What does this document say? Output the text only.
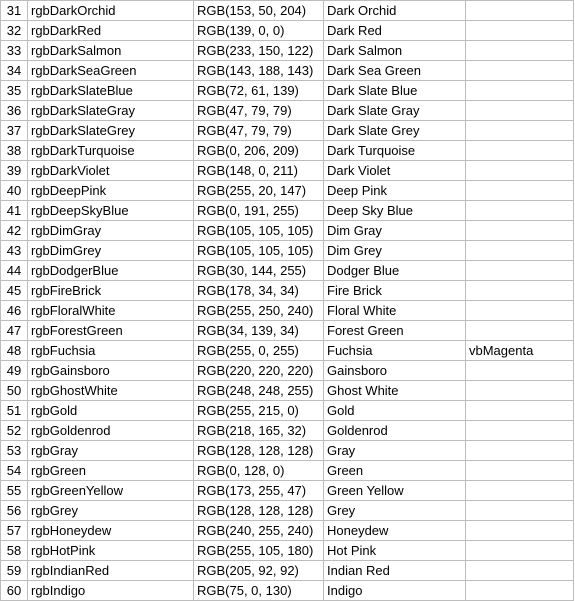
31	rgbDarkOrchid	RGB(153, 50, 204)	Dark Orchid	
32	rgbDarkRed	RGB(139, 0, 0)	Dark Red	
33	rgbDarkSalmon	RGB(233, 150, 122)	Dark Salmon	
34	rgbDarkSeaGreen	RGB(143, 188, 143)	Dark Sea Green	
35	rgbDarkSlateBlue	RGB(72, 61, 139)	Dark Slate Blue	
36	rgbDarkSlateGray	RGB(47, 79, 79)	Dark Slate Gray	
37	rgbDarkSlateGrey	RGB(47, 79, 79)	Dark Slate Grey	
38	rgbDarkTurquoise	RGB(0, 206, 209)	Dark Turquoise	
39	rgbDarkViolet	RGB(148, 0, 211)	Dark Violet	
40	rgbDeepPink	RGB(255, 20, 147)	Deep Pink	
41	rgbDeepSkyBlue	RGB(0, 191, 255)	Deep Sky Blue	
42	rgbDimGray	RGB(105, 105, 105)	Dim Gray	
43	rgbDimGrey	RGB(105, 105, 105)	Dim Grey	
44	rgbDodgerBlue	RGB(30, 144, 255)	Dodger Blue	
45	rgbFireBrick	RGB(178, 34, 34)	Fire Brick	
46	rgbFloralWhite	RGB(255, 250, 240)	Floral White	
47	rgbForestGreen	RGB(34, 139, 34)	Forest Green	
48	rgbFuchsia	RGB(255, 0, 255)	Fuchsia	vbMagenta
49	rgbGainsboro	RGB(220, 220, 220)	Gainsboro	
50	rgbGhostWhite	RGB(248, 248, 255)	Ghost White	
51	rgbGold	RGB(255, 215, 0)	Gold	
52	rgbGoldenrod	RGB(218, 165, 32)	Goldenrod	
53	rgbGray	RGB(128, 128, 128)	Gray	
54	rgbGreen	RGB(0, 128, 0)	Green	
55	rgbGreenYellow	RGB(173, 255, 47)	Green Yellow	
56	rgbGrey	RGB(128, 128, 128)	Grey	
57	rgbHoneydew	RGB(240, 255, 240)	Honeydew	
58	rgbHotPink	RGB(255, 105, 180)	Hot Pink	
59	rgbIndianRed	RGB(205, 92, 92)	Indian Red	
60	rgbIndigo	RGB(75, 0, 130)	Indigo	
